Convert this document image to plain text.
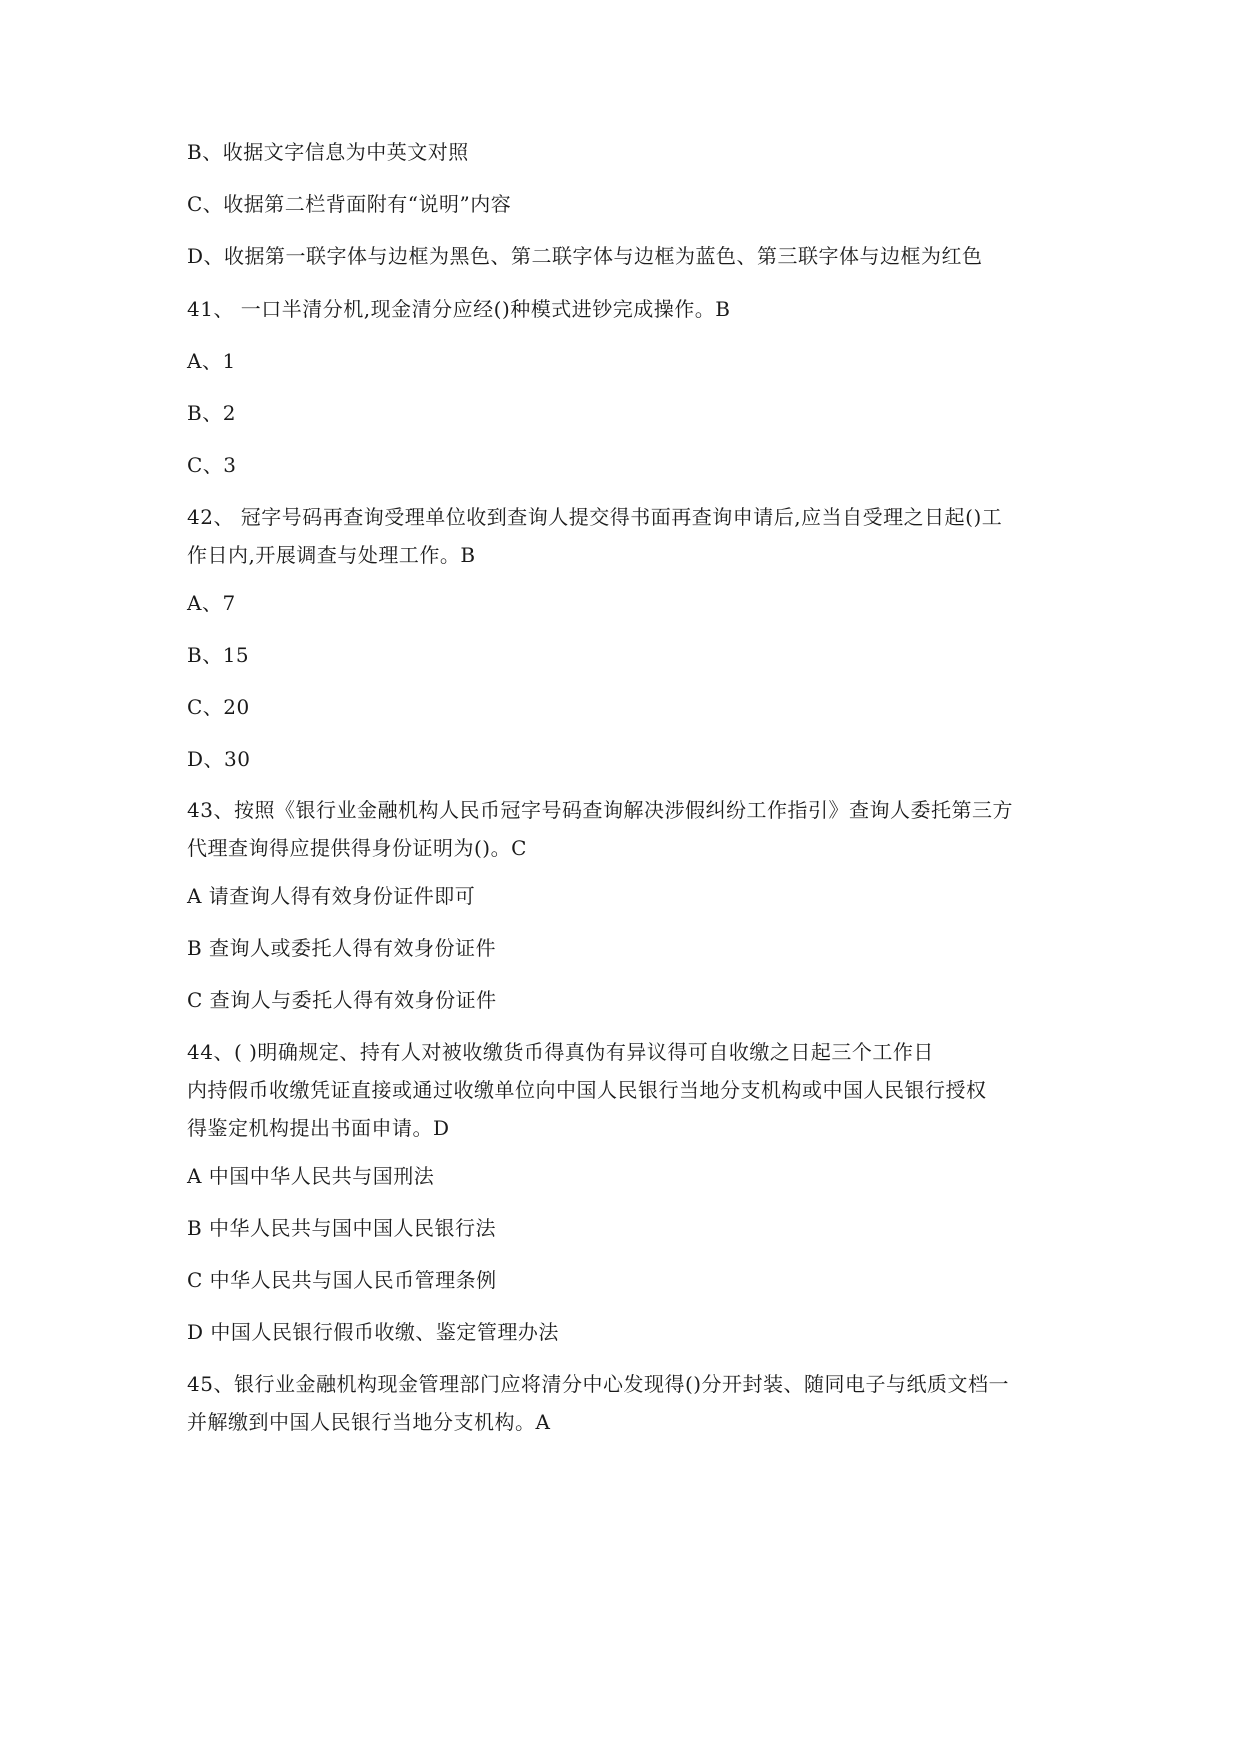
B、收据文字信息为中英文对照
C、收据第二栏背面附有“说明”内容
D、收据第一联字体与边框为黑色、第二联字体与边框为蓝色、第三联字体与边框为红色
41、 一口半清分机,现金清分应经()种模式进钞完成操作。B
A、1
B、2
C、3
42、 冠字号码再查询受理单位收到查询人提交得书面再查询申请后,应当自受理之日起()工
作日内,开展调查与处理工作。B
A、7
B、15
C、20
D、30
43、按照《银行业金融机构人民币冠字号码查询解决涉假纠纷工作指引》查询人委托第三方
代理查询得应提供得身份证明为()。C
A 请查询人得有效身份证件即可
B 查询人或委托人得有效身份证件
C 查询人与委托人得有效身份证件
44、( )明确规定、持有人对被收缴货币得真伪有异议得可自收缴之日起三个工作日
内持假币收缴凭证直接或通过收缴单位向中国人民银行当地分支机构或中国人民银行授权
得鉴定机构提出书面申请。D
A 中国中华人民共与国刑法
B 中华人民共与国中国人民银行法
C 中华人民共与国人民币管理条例
D 中国人民银行假币收缴、鉴定管理办法
45、银行业金融机构现金管理部门应将清分中心发现得()分开封装、随同电子与纸质文档一
并解缴到中国人民银行当地分支机构。A
